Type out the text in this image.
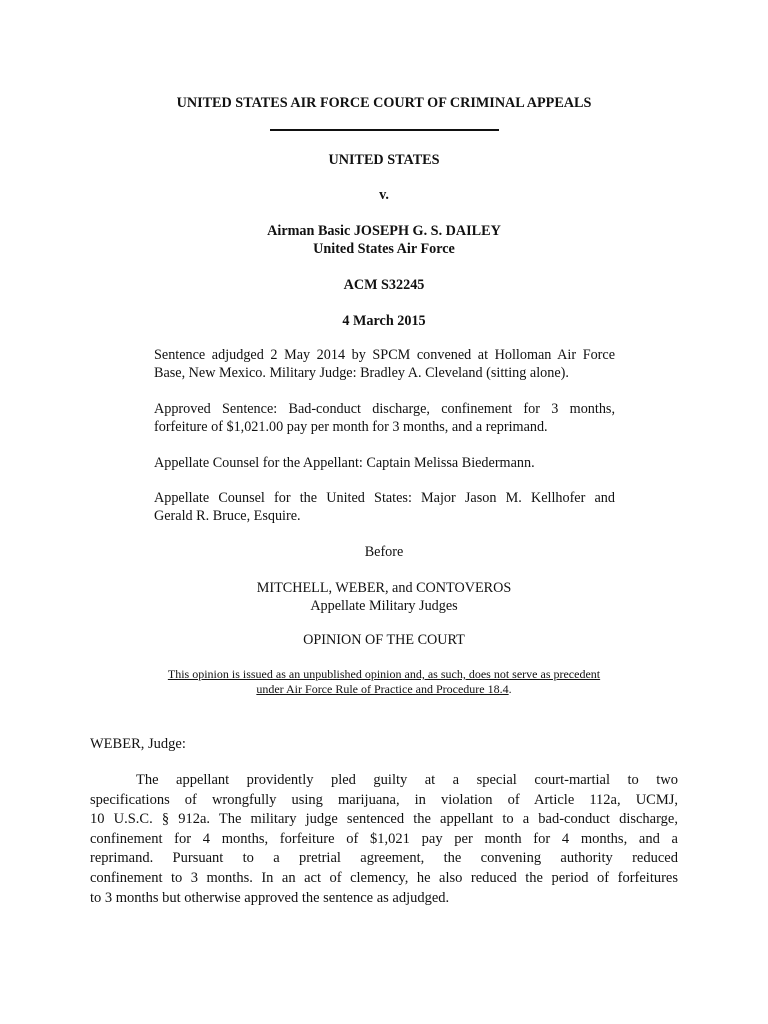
UNITED STATES AIR FORCE COURT OF CRIMINAL APPEALS
UNITED STATES
v.
Airman Basic JOSEPH G. S. DAILEY
United States Air Force
ACM S32245
4 March 2015
Sentence adjudged 2 May 2014 by SPCM convened at Holloman Air Force
Base, New Mexico. Military Judge: Bradley A. Cleveland (sitting alone).
Approved Sentence: Bad-conduct discharge, confinement for 3 months,
forfeiture of $1,021.00 pay per month for 3 months, and a reprimand.
Appellate Counsel for the Appellant: Captain Melissa Biedermann.
Appellate Counsel for the United States: Major Jason M. Kellhofer and
Gerald R. Bruce, Esquire.
Before
MITCHELL, WEBER, and CONTOVEROS
Appellate Military Judges
OPINION OF THE COURT
This opinion is issued as an unpublished opinion and, as such, does not serve as precedent
under Air Force Rule of Practice and Procedure 18.4.
WEBER, Judge:
The appellant providently pled guilty at a special court-martial to two
specifications of wrongfully using marijuana, in violation of Article 112a, UCMJ,
10 U.S.C. § 912a. The military judge sentenced the appellant to a bad-conduct discharge,
confinement for 4 months, forfeiture of $1,021 pay per month for 4 months, and a
reprimand. Pursuant to a pretrial agreement, the convening authority reduced
confinement to 3 months. In an act of clemency, he also reduced the period of forfeitures
to 3 months but otherwise approved the sentence as adjudged.
